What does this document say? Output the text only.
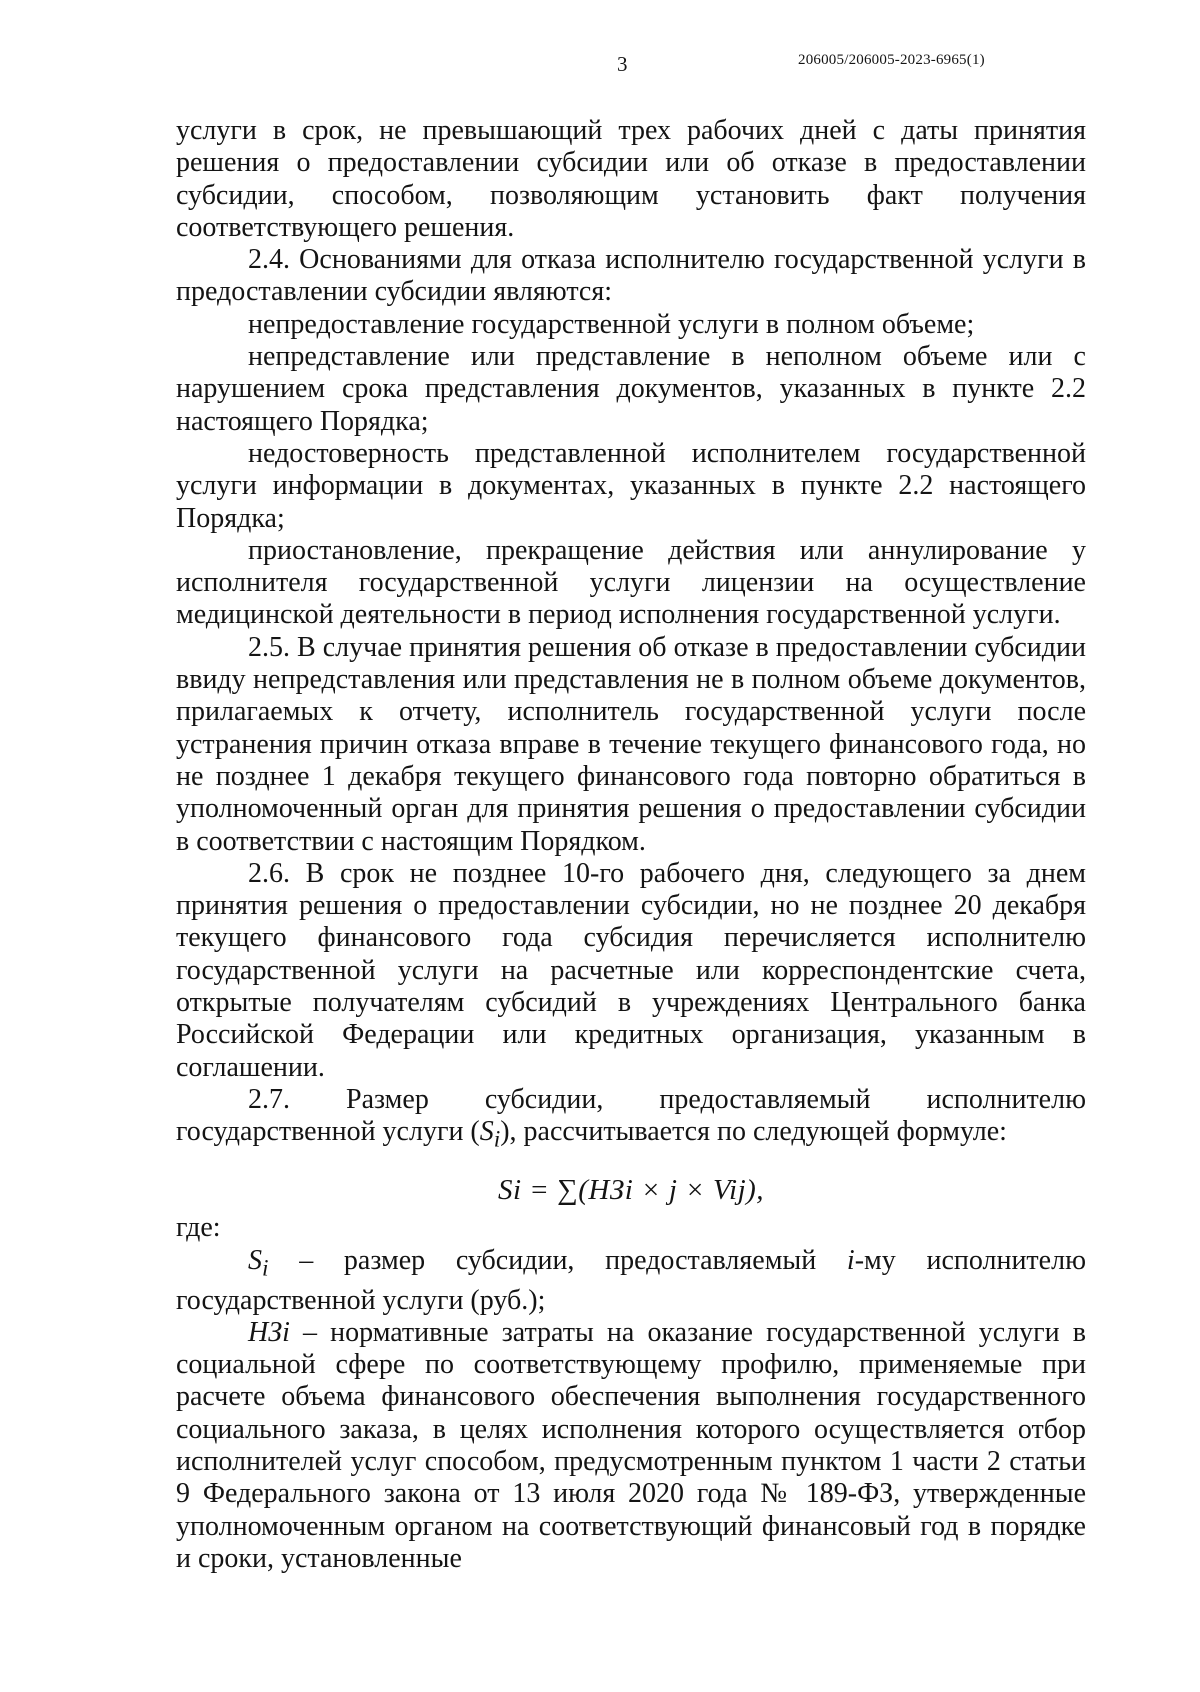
3	206005/206005-2023-6965(1)

услуги в срок, не превышающий трех рабочих дней с даты принятия решения о предоставлении субсидии или об отказе в предоставлении субсидии, способом, позволяющим установить факт получения соответствующего решения.

2.4. Основаниями для отказа исполнителю государственной услуги в предоставлении субсидии являются:

непредоставление государственной услуги в полном объеме;

непредставление или представление в неполном объеме или с нарушением срока представления документов, указанных в пункте 2.2 настоящего Порядка;

недостоверность представленной исполнителем государственной услуги информации в документах, указанных в пункте 2.2 настоящего Порядка;

приостановление, прекращение действия или аннулирование у исполнителя государственной услуги лицензии на осуществление медицинской деятельности в период исполнения государственной услуги.

2.5. В случае принятия решения об отказе в предоставлении субсидии ввиду непредставления или представления не в полном объеме документов, прилагаемых к отчету, исполнитель государственной услуги после устранения причин отказа вправе в течение текущего финансового года, но не позднее 1 декабря текущего финансового года повторно обратиться в уполномоченный орган для принятия решения о предоставлении субсидии в соответствии с настоящим Порядком.

2.6. В срок не позднее 10-го рабочего дня, следующего за днем принятия решения о предоставлении субсидии, но не позднее 20 декабря текущего финансового года субсидия перечисляется исполнителю государственной услуги на расчетные или корреспондентские счета, открытые получателям субсидий в учреждениях Центрального банка Российской Федерации или кредитных организация, указанным в соглашении.

2.7. Размер субсидии, предоставляемый исполнителю государственной услуги $(S_i)$, рассчитывается по следующей формуле:

Si = ∑(НЗi × j × Vij),

где:

$S_i$ – размер субсидии, предоставляемый i-му исполнителю государственной услуги (руб.);

НЗi – нормативные затраты на оказание государственной услуги в социальной сфере по соответствующему профилю, применяемые при расчете объема финансового обеспечения выполнения государственного социального заказа, в целях исполнения которого осуществляется отбор исполнителей услуг способом, предусмотренным пунктом 1 части 2 статьи 9 Федерального закона от 13 июля 2020 года № 189-ФЗ, утвержденные уполномоченным органом на соответствующий финансовый год в порядке и сроки, установленные
